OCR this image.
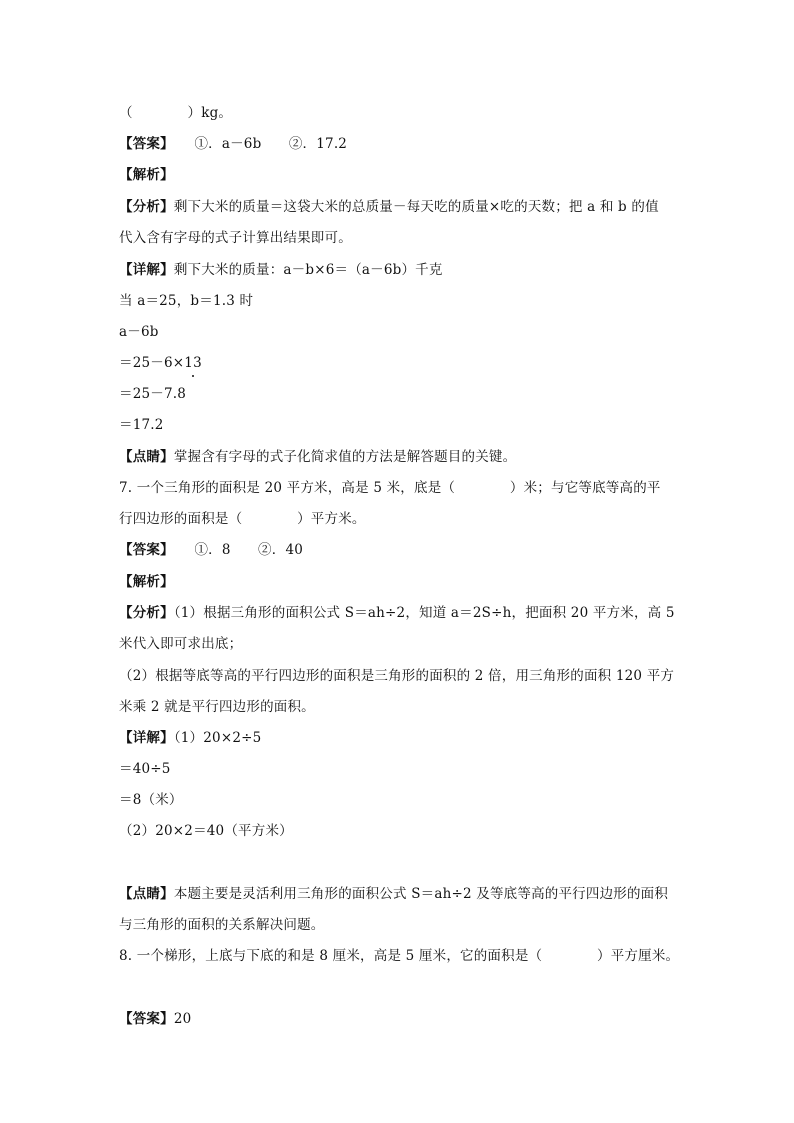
（　　　　）kg。
【答案】　　①．a－6b　　②．17.2
【解析】
【分析】剩下大米的质量＝这袋大米的总质量－每天吃的质量×吃的天数；把 a 和 b 的值
代入含有字母的式子计算出结果即可。
【详解】剩下大米的质量：a－b×6＝（a－6b）千克
当 a＝25，b＝1.3 时
a－6b
＝25－6×13
＝25－7.8
＝17.2
【点睛】掌握含有字母的式子化简求值的方法是解答题目的关键。
7. 一个三角形的面积是 20 平方米，高是 5 米，底是（　　　　）米；与它等底等高的平
行四边形的面积是（　　　　）平方米。
【答案】　　①．8　　②．40
【解析】
【分析】（1）根据三角形的面积公式 S＝ah÷2，知道 a＝2S÷h，把面积 20 平方米，高 5
米代入即可求出底；
（2）根据等底等高的平行四边形的面积是三角形的面积的 2 倍，用三角形的面积 120 平方
米乘 2 就是平行四边形的面积。
【详解】（1）20×2÷5
＝40÷5
＝8（米）
（2）20×2＝40（平方米）
【点睛】本题主要是灵活利用三角形的面积公式 S＝ah÷2 及等底等高的平行四边形的面积
与三角形的面积的关系解决问题。
8. 一个梯形，上底与下底的和是 8 厘米，高是 5 厘米，它的面积是（　　　　）平方厘米。
【答案】20
